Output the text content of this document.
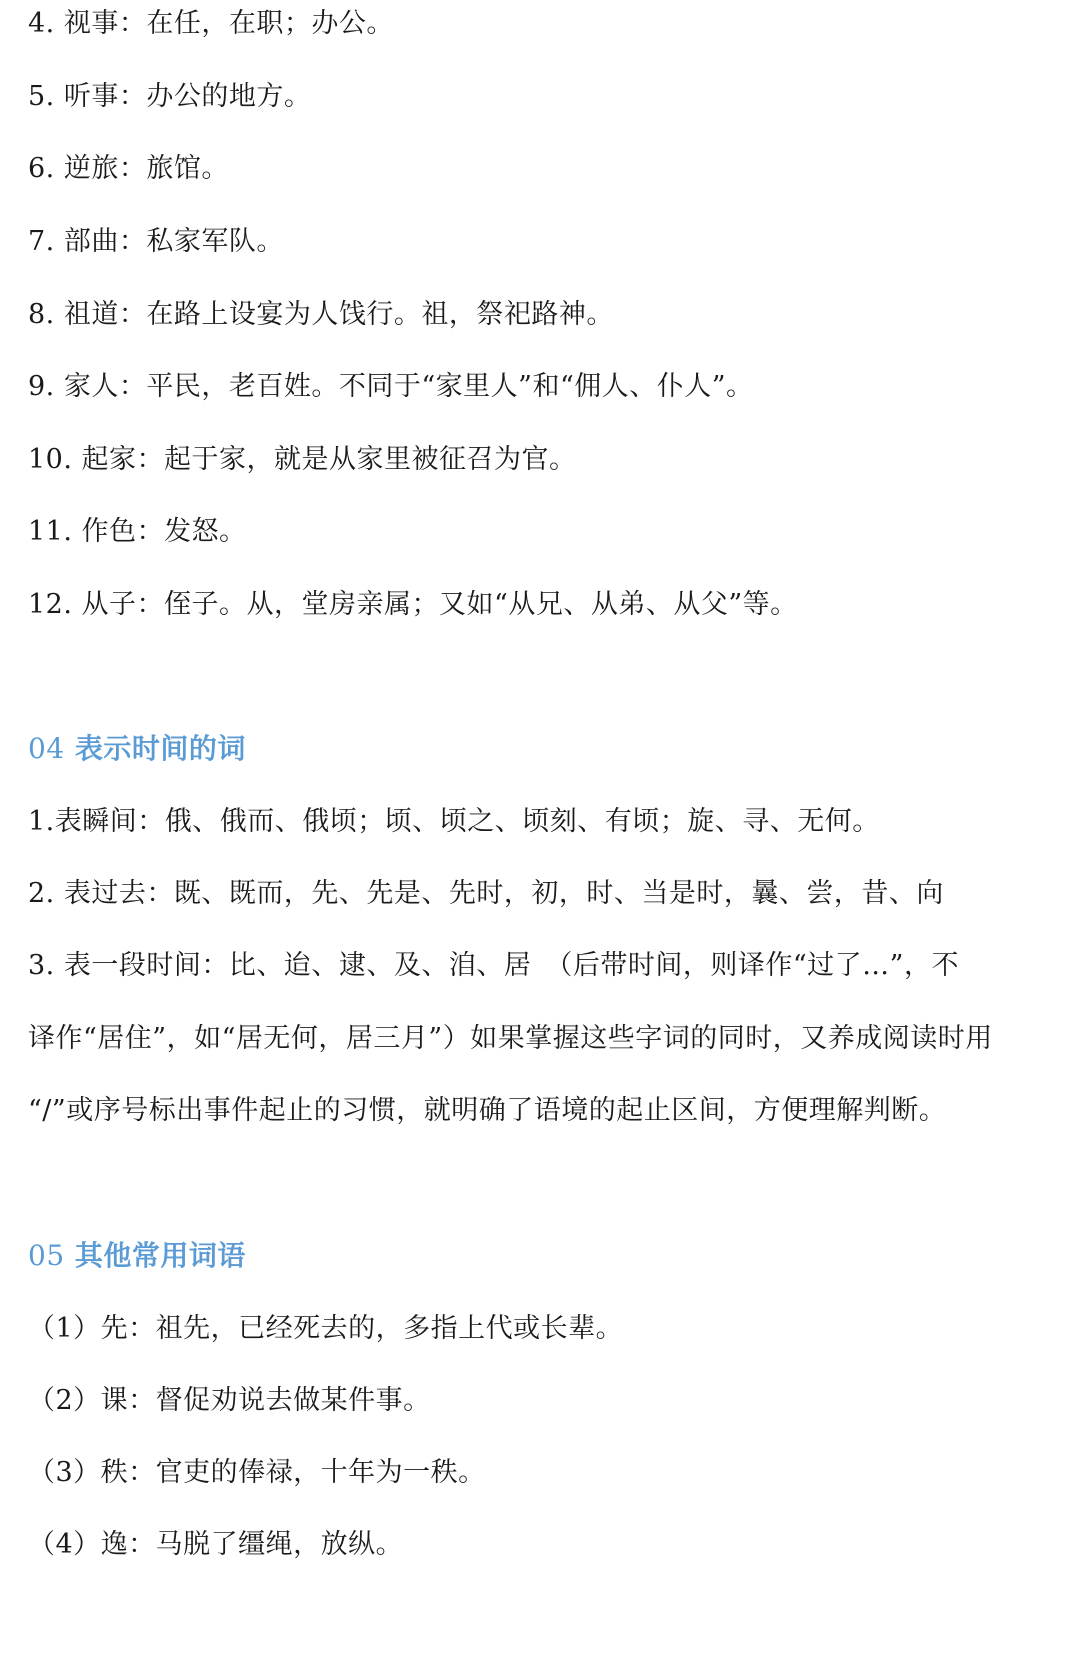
4. 视事：在任，在职；办公。
5. 听事：办公的地方。
6. 逆旅：旅馆。
7. 部曲：私家军队。
8. 祖道：在路上设宴为人饯行。祖，祭祀路神。
9. 家人：平民，老百姓。不同于“家里人”和“佣人、仆人”。
10. 起家：起于家，就是从家里被征召为官。
11. 作色：发怒。
12. 从子：侄子。从，堂房亲属；又如“从兄、从弟、从父”等。
04 表示时间的词
1.表瞬间：俄、俄而、俄顷；顷、顷之、顷刻、有顷；旋、寻、无何。
2. 表过去：既、既而，先、先是、先时，初，时、当是时，曩、尝，昔、向
3. 表一段时间：比、迨、逮、及、洎、居　（后带时间，则译作“过了…”，不
译作“居住”，如“居无何，居三月”）如果掌握这些字词的同时，又养成阅读时用
“/”或序号标出事件起止的习惯，就明确了语境的起止区间，方便理解判断。
05 其他常用词语
（1）先：祖先，已经死去的，多指上代或长辈。
（2）课：督促劝说去做某件事。
（3）秩：官吏的俸禄，十年为一秩。
（4）逸：马脱了缰绳，放纵。
